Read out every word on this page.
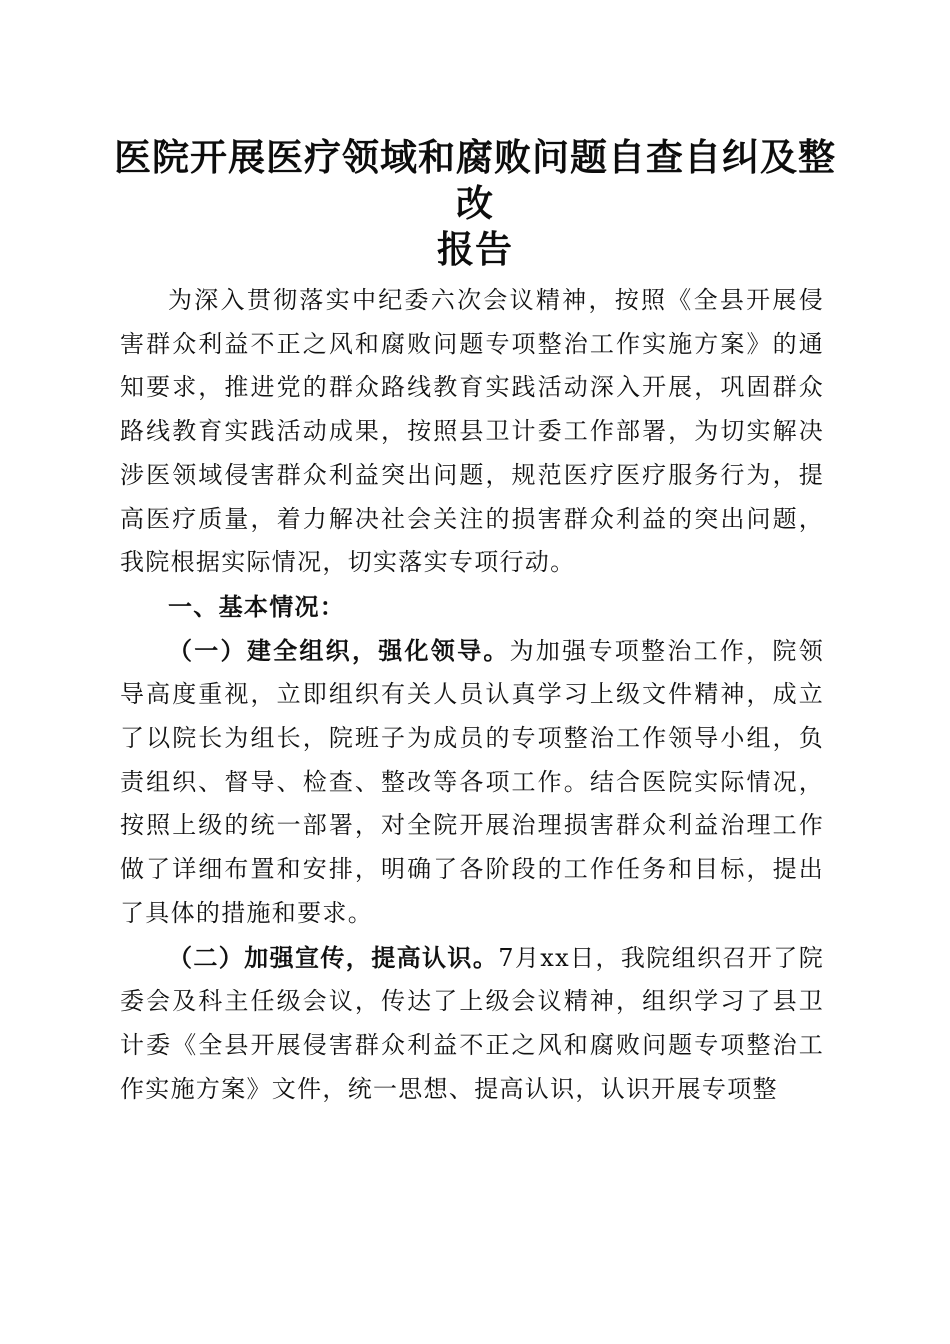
医院开展医疗领域和腐败问题自查自纠及整改
报告

为深入贯彻落实中纪委六次会议精神，按照《全县开展侵害群众利益不正之风和腐败问题专项整治工作实施方案》的通知要求，推进党的群众路线教育实践活动深入开展，巩固群众路线教育实践活动成果，按照县卫计委工作部署，为切实解决涉医领域侵害群众利益突出问题，规范医疗医疗服务行为，提高医疗质量，着力解决社会关注的损害群众利益的突出问题，我院根据实际情况，切实落实专项行动。

一、基本情况：

（一）建全组织，强化领导。为加强专项整治工作，院领导高度重视，立即组织有关人员认真学习上级文件精神，成立了以院长为组长，院班子为成员的专项整治工作领导小组，负责组织、督导、检查、整改等各项工作。结合医院实际情况，按照上级的统一部署，对全院开展治理损害群众利益治理工作做了详细布置和安排，明确了各阶段的工作任务和目标，提出了具体的措施和要求。

（二）加强宣传，提高认识。7月xx日，我院组织召开了院委会及科主任级会议，传达了上级会议精神，组织学习了县卫计委《全县开展侵害群众利益不正之风和腐败问题专项整治工作实施方案》文件，统一思想、提高认识，认识开展专项整
